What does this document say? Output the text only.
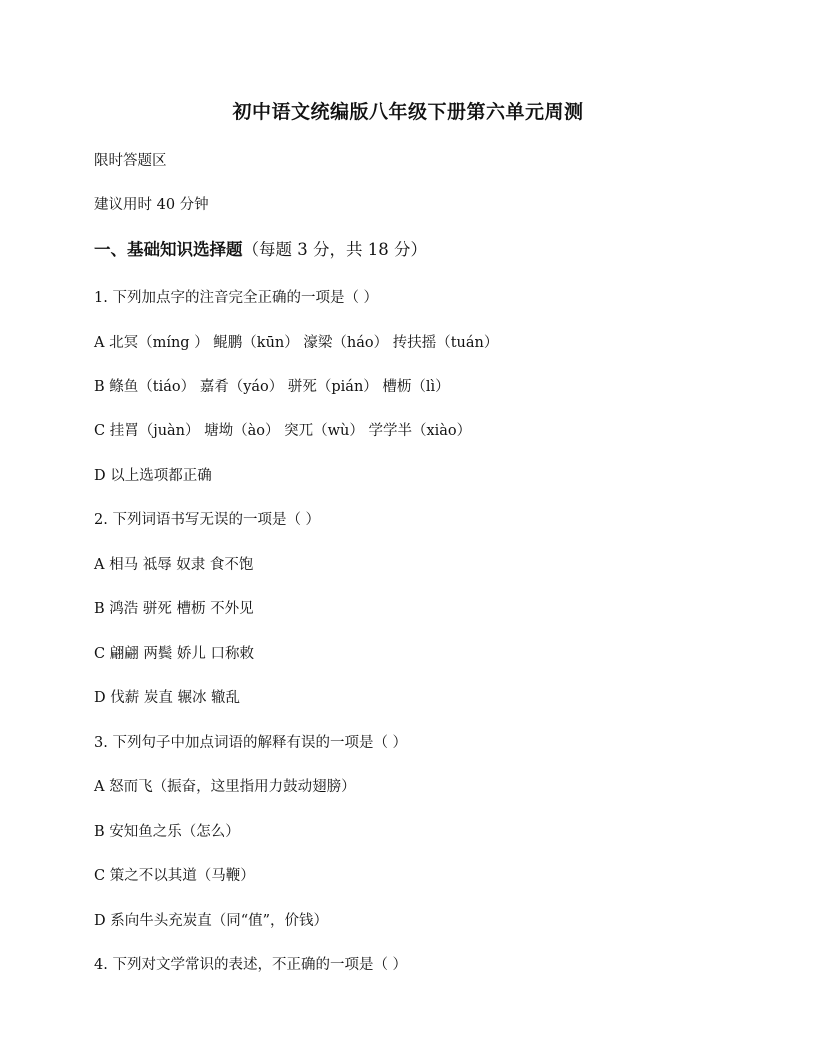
初中语文统编版八年级下册第六单元周测
限时答题区
建议用时 40 分钟
一、基础知识选择题（每题 3 分，共 18 分）
1. 下列加点字的注音完全正确的一项是（ ）
A 北冥（míng ） 鲲鹏（kūn） 濠梁（háo） 抟扶摇（tuán）
B 鲦鱼（tiáo） 嘉肴（yáo） 骈死（pián） 槽枥（lì）
C 挂罥（juàn） 塘坳（ào） 突兀（wù） 学学半（xiào）
D 以上选项都正确
2. 下列词语书写无误的一项是（ ）
A 相马 祗辱 奴隶 食不饱
B 鸿浩 骈死 槽枥 不外见
C 翩翩 两鬓 娇儿 口称敕
D 伐薪 炭直 辗冰 辙乱
3. 下列句子中加点词语的解释有误的一项是（ ）
A 怒而飞（振奋，这里指用力鼓动翅膀）
B 安知鱼之乐（怎么）
C 策之不以其道（马鞭）
D 系向牛头充炭直（同“值”，价钱）
4. 下列对文学常识的表述，不正确的一项是（ ）
